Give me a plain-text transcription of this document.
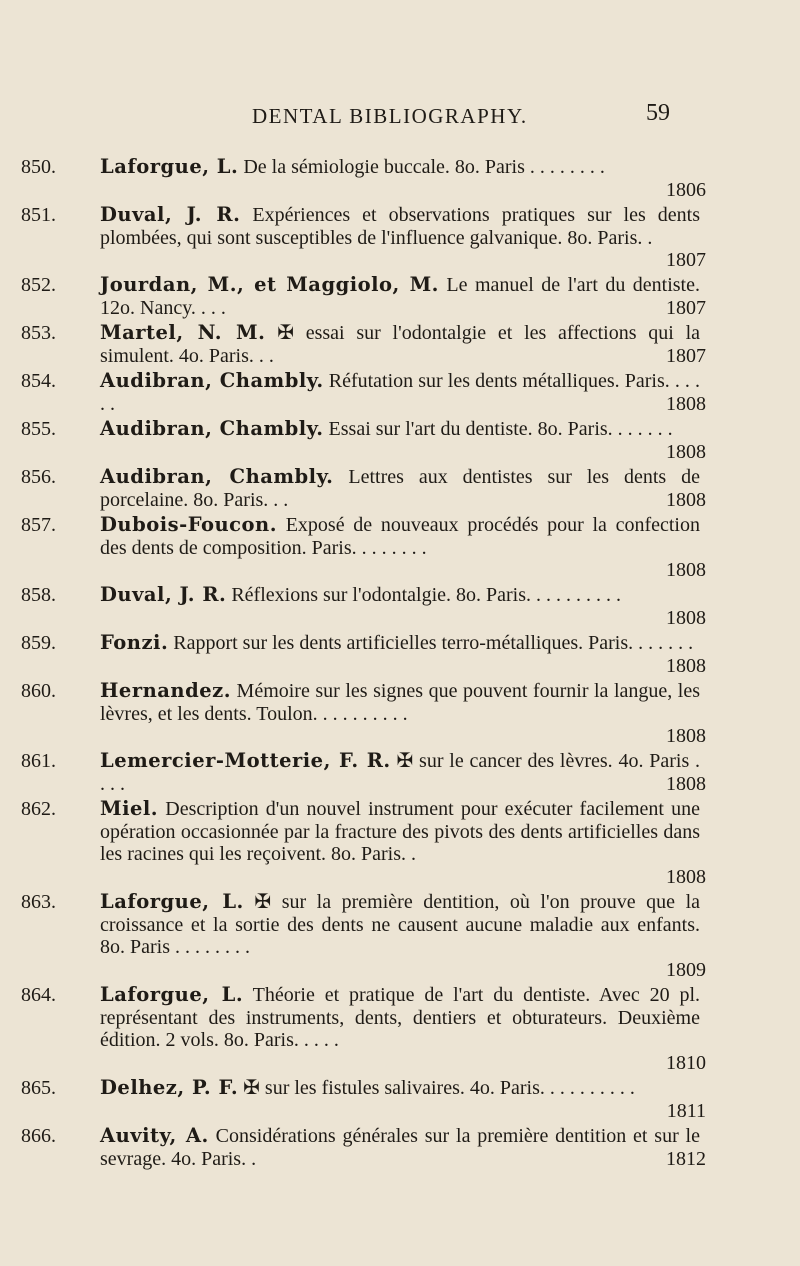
DENTAL BIBLIOGRAPHY.	59
850.	Laforgue, L. De la sémiologie buccale. 8o. Paris . . . . . . . .
1806
851.	Duval, J. R. Expériences et observations pratiques sur les dents plombées, qui sont susceptibles de l'influence galvanique. 8o. Paris. .
1807
852.	Jourdan, M., et Maggiolo, M. Le manuel de l'art du dentiste. 12o. Nancy. . . .	1807
853.	Martel, N. M. ✠ essai sur l'odontalgie et les affections qui la simulent. 4o. Paris. . .	1807
854.	Audibran, Chambly. Réfutation sur les dents métalliques. Paris. . . . . .	1808
855.	Audibran, Chambly. Essai sur l'art du dentiste. 8o. Paris. . . . . . .
1808
856.	Audibran, Chambly. Lettres aux dentistes sur les dents de porcelaine. 8o. Paris. . .	1808
857.	Dubois-Foucon. Exposé de nouveaux procédés pour la confection des dents de composition. Paris. . . . . . . .
1808
858.	Duval, J. R. Réflexions sur l'odontalgie. 8o. Paris. . . . . . . . . .
1808
859.	Fonzi. Rapport sur les dents artificielles terro-métalliques. Paris. . . . . . .
1808
860.	Hernandez. Mémoire sur les signes que pouvent fournir la langue, les lèvres, et les dents. Toulon. . . . . . . . . .
1808
861.	Lemercier-Motterie, F. R. ✠ sur le cancer des lèvres. 4o. Paris . . . .	1808
862.	Miel. Description d'un nouvel instrument pour exécuter facilement une opération occasionnée par la fracture des pivots des dents artificielles dans les racines qui les reçoivent. 8o. Paris. .
1808
863.	Laforgue, L. ✠ sur la première dentition, où l'on prouve que la croissance et la sortie des dents ne causent aucune maladie aux enfants. 8o. Paris . . . . . . . .
1809
864.	Laforgue, L. Théorie et pratique de l'art du dentiste. Avec 20 pl. représentant des instruments, dents, dentiers et obturateurs. Deuxième édition. 2 vols. 8o. Paris. . . . .
1810
865.	Delhez, P. F. ✠ sur les fistules salivaires. 4o. Paris. . . . . . . . . .
1811
866.	Auvity, A. Considérations générales sur la première dentition et sur le sevrage. 4o. Paris. .	1812
